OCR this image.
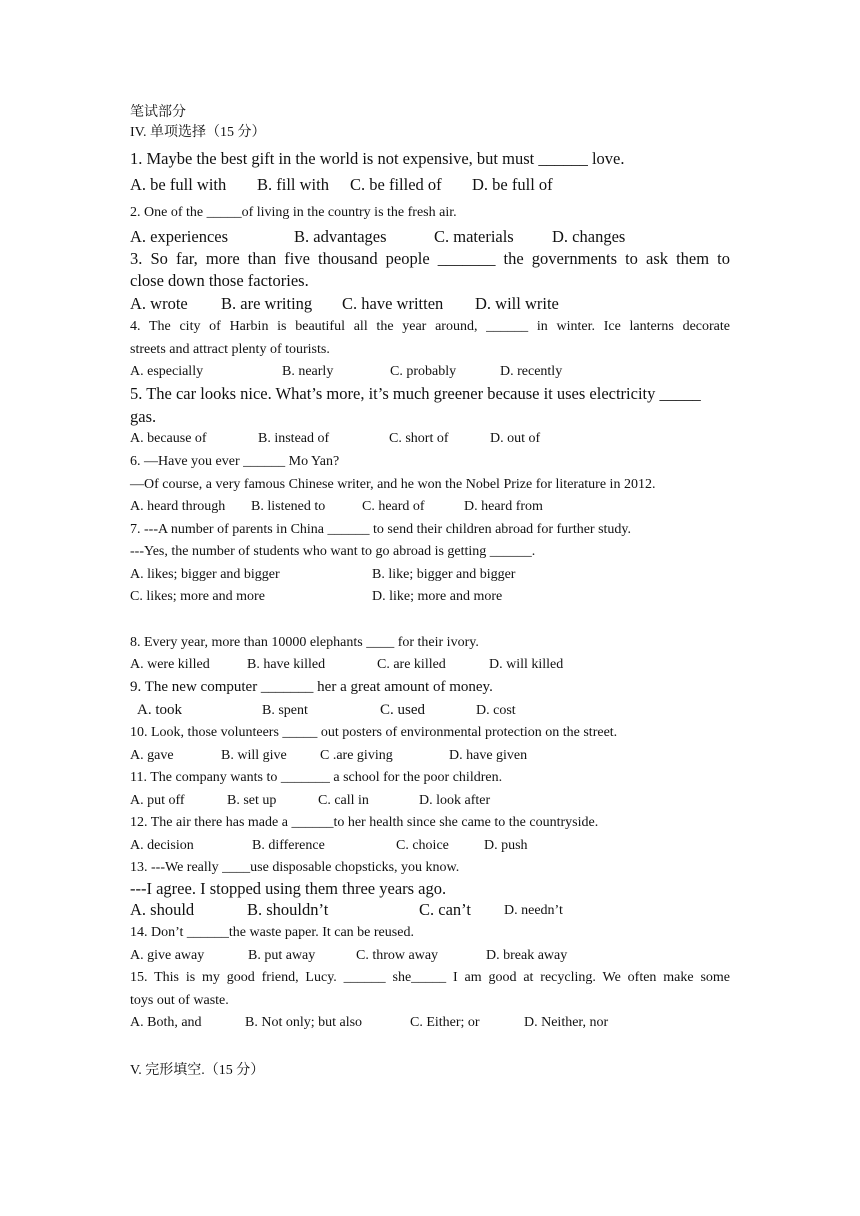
笔试部分
IV. 单项选择（15 分）
1. Maybe the best gift in the world is not expensive, but must ______ love.
A. be full with B. fill with C. be filled of D. be full of
2. One of the _____of living in the country is the fresh air.
A. experiences	B. advantages	C. materials D. changes
3. So far, more than five thousand people _______ the governments to ask them to
close down those factories.
A. wrote B. are writing C. have written D. will write
4. The city of Harbin is beautiful all the year around, ______ in winter. Ice lanterns decorate
streets and attract plenty of tourists.
A. especially	B. nearly	C. probably	D. recently
5. The car looks nice. What’s more, it’s much greener because it uses electricity _____
gas.
A. because of	B. instead of	C. short of	D. out of
6. —Have you ever ______ Mo Yan?
—Of course, a very famous Chinese writer, and he won the Nobel Prize for literature in 2012.
A. heard through B. listened to	C. heard of	D. heard from
7. ---A number of parents in China ______ to send their children abroad for further study.
---Yes, the number of students who want to go abroad is getting ______.
A. likes; bigger and bigger	B. like; bigger and bigger
C. likes; more and more	D. like; more and more
8. Every year, more than 10000 elephants ____ for their ivory.
A. were killed	B. have killed	C. are killed	D. will killed
9. The new computer _______ her a great amount of money.
A. took	B. spent	C. used	D. cost
10. Look, those volunteers _____ out posters of environmental protection on the street.
A. gave	B. will give C .are giving	D. have given
11. The company wants to _______ a school for the poor children.
A. put off	B. set up	C. call in	D. look after
12. The air there has made a ______to her health since she came to the countryside.
A. decision	B. difference	C. choice	D. push
13. ---We really ____use disposable chopsticks, you know.
---I agree. I stopped using them three years ago.
A. should	B. shouldn’t	C. can’t D. needn’t
14. Don’t ______the waste paper. It can be reused.
A. give away	B. put away	C. throw away	D. break away
15. This is my good friend, Lucy. ______ she_____ I am good at recycling. We often make some
toys out of waste.
A. Both, and	B. Not only; but also	C. Either; or	D. Neither, nor
V. 完形填空.（15 分）
